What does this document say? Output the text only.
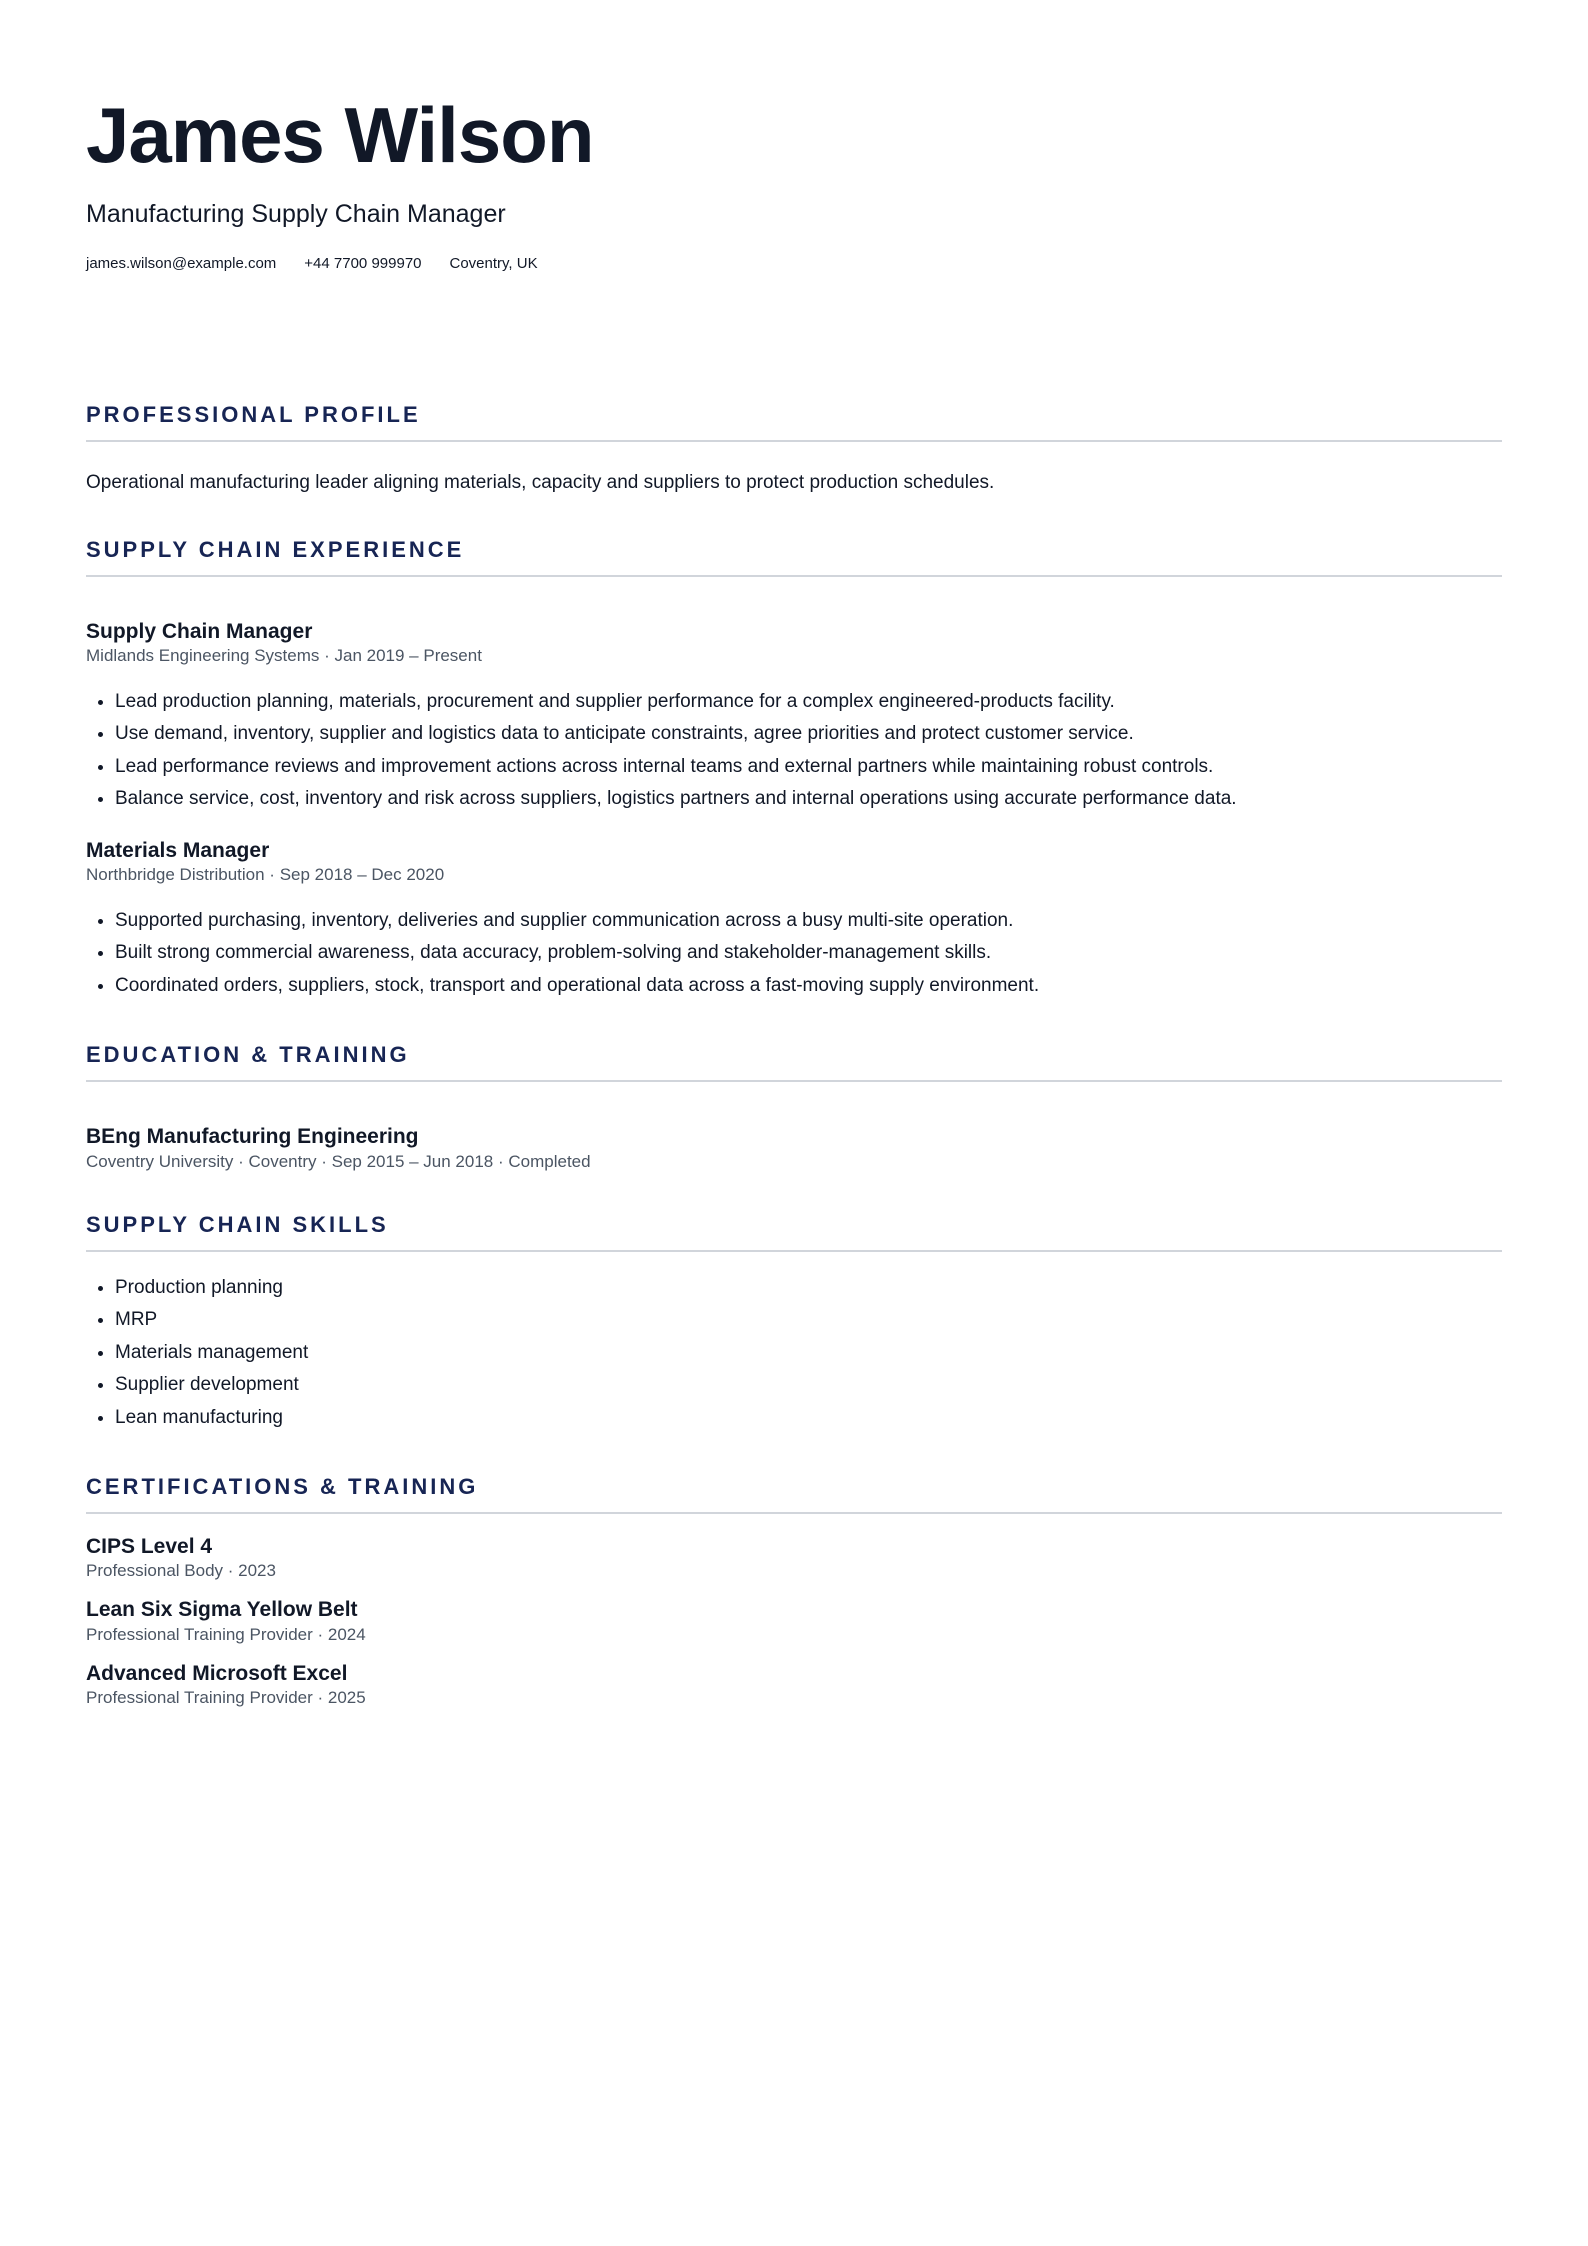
James Wilson
Manufacturing Supply Chain Manager
james.wilson@example.com +44 7700 999970 Coventry, UK
PROFESSIONAL PROFILE
Operational manufacturing leader aligning materials, capacity and suppliers to protect production schedules.
SUPPLY CHAIN EXPERIENCE
Supply Chain Manager
Midlands Engineering Systems · Jan 2019 – Present
• Lead production planning, materials, procurement and supplier performance for a complex engineered-products facility.
• Use demand, inventory, supplier and logistics data to anticipate constraints, agree priorities and protect customer service.
• Lead performance reviews and improvement actions across internal teams and external partners while maintaining robust controls.
• Balance service, cost, inventory and risk across suppliers, logistics partners and internal operations using accurate performance data.
Materials Manager
Northbridge Distribution · Sep 2018 – Dec 2020
• Supported purchasing, inventory, deliveries and supplier communication across a busy multi-site operation.
• Built strong commercial awareness, data accuracy, problem-solving and stakeholder-management skills.
• Coordinated orders, suppliers, stock, transport and operational data across a fast-moving supply environment.
EDUCATION & TRAINING
BEng Manufacturing Engineering
Coventry University · Coventry · Sep 2015 – Jun 2018 · Completed
SUPPLY CHAIN SKILLS
• Production planning
• MRP
• Materials management
• Supplier development
• Lean manufacturing
CERTIFICATIONS & TRAINING
CIPS Level 4
Professional Body · 2023
Lean Six Sigma Yellow Belt
Professional Training Provider · 2024
Advanced Microsoft Excel
Professional Training Provider · 2025
